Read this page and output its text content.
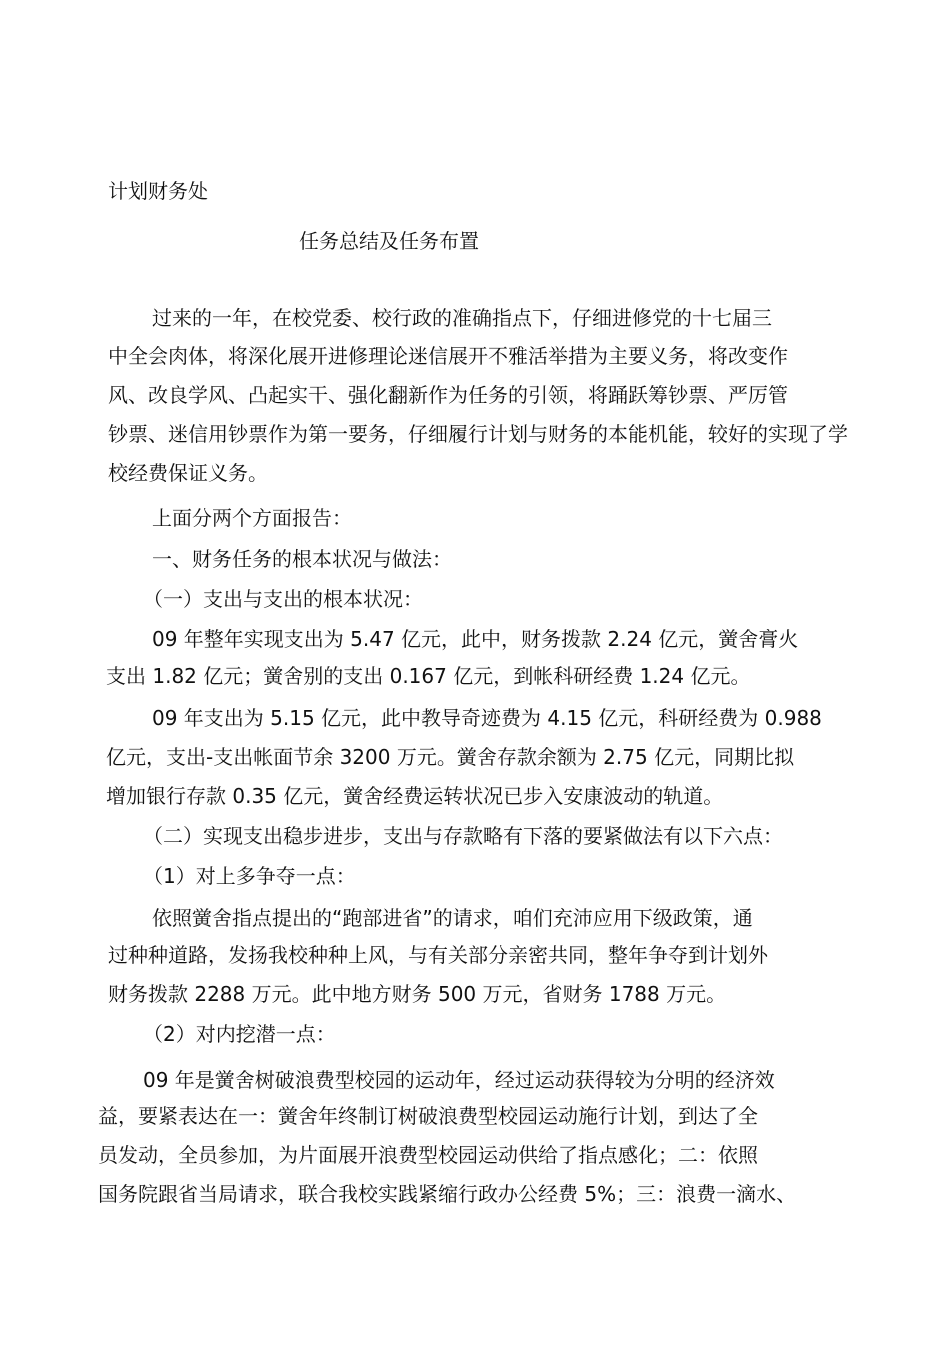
计划财务处
任务总结及任务布置
过来的一年，在校党委、校行政的准确指点下，仔细进修党的十七届三
中全会肉体，将深化展开进修理论迷信展开不雅活举措为主要义务，将改变作
风、改良学风、凸起实干、强化翻新作为任务的引领，将踊跃筹钞票、严厉管
钞票、迷信用钞票作为第一要务，仔细履行计划与财务的本能机能，较好的实现了学
校经费保证义务。
上面分两个方面报告：
一、财务任务的根本状况与做法：
（一）支出与支出的根本状况：
09 年整年实现支出为 5.47 亿元，此中，财务拨款 2.24 亿元，黉舍膏火
支出 1.82 亿元；黉舍别的支出 0.167 亿元，到帐科研经费 1.24 亿元。
09 年支出为 5.15 亿元，此中教导奇迹费为 4.15 亿元，科研经费为 0.988
亿元，支出-支出帐面节余 3200 万元。黉舍存款余额为 2.75 亿元，同期比拟
增加银行存款 0.35 亿元，黉舍经费运转状况已步入安康波动的轨道。
（二）实现支出稳步进步，支出与存款略有下落的要紧做法有以下六点：
（1）对上多争夺一点：
依照黉舍指点提出的“跑部进省”的请求，咱们充沛应用下级政策，通
过种种道路，发扬我校种种上风，与有关部分亲密共同，整年争夺到计划外
财务拨款 2288 万元。此中地方财务 500 万元，省财务 1788 万元。
（2）对内挖潜一点：
09 年是黉舍树破浪费型校园的运动年，经过运动获得较为分明的经济效
益，要紧表达在一：黉舍年终制订树破浪费型校园运动施行计划，到达了全
员发动，全员参加，为片面展开浪费型校园运动供给了指点感化；二：依照
国务院跟省当局请求，联合我校实践紧缩行政办公经费 5%；三：浪费一滴水、
